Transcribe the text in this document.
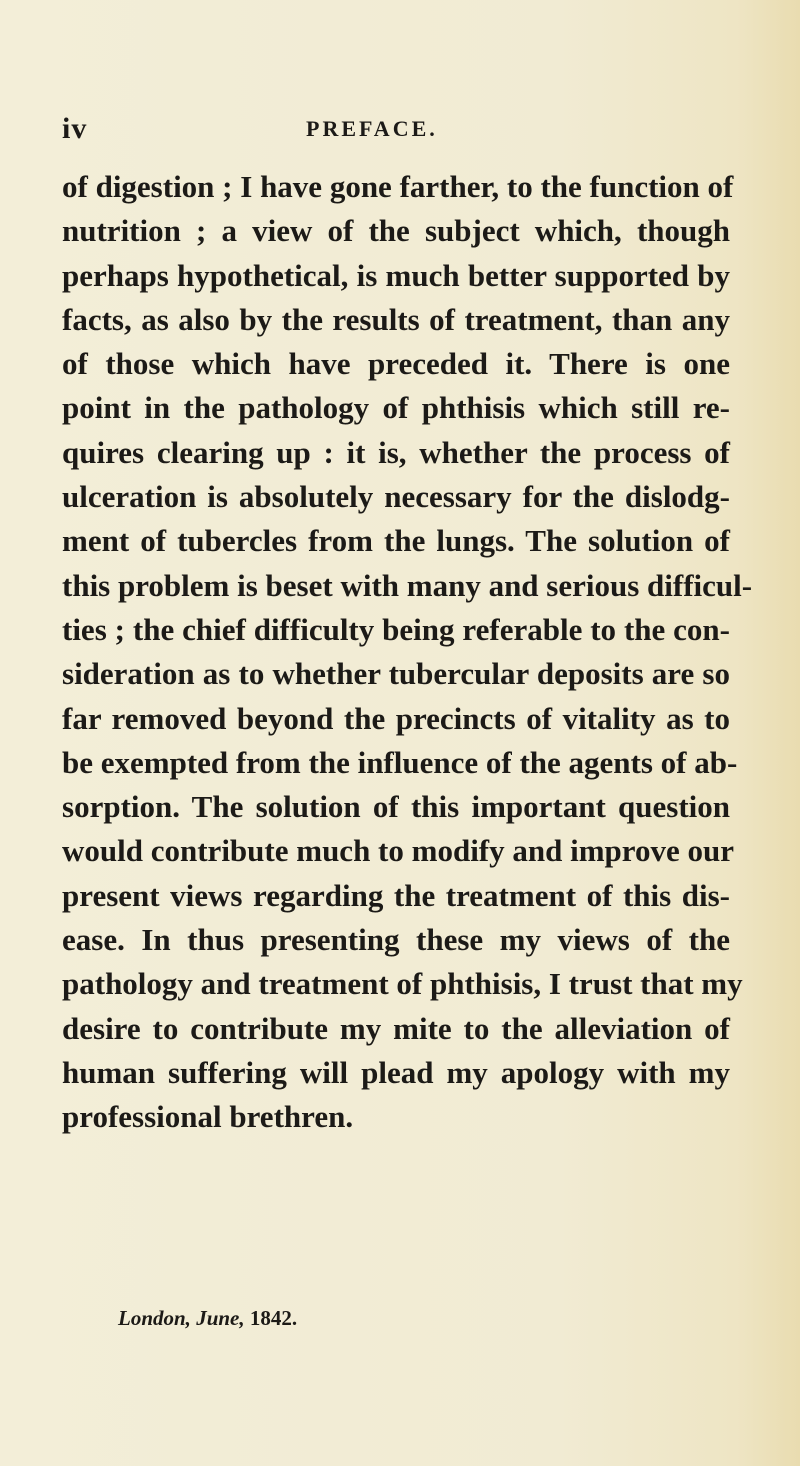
iv	PREFACE.
of digestion ; I have gone farther, to the function of
nutrition ; a view of the subject which, though
perhaps hypothetical, is much better supported by
facts, as also by the results of treatment, than any
of those which have preceded it. There is one
point in the pathology of phthisis which still re-
quires clearing up : it is, whether the process of
ulceration is absolutely necessary for the dislodg-
ment of tubercles from the lungs. The solution of
this problem is beset with many and serious difficul-
ties ; the chief difficulty being referable to the con-
sideration as to whether tubercular deposits are so
far removed beyond the precincts of vitality as to
be exempted from the influence of the agents of ab-
sorption. The solution of this important question
would contribute much to modify and improve our
present views regarding the treatment of this dis-
ease. In thus presenting these my views of the
pathology and treatment of phthisis, I trust that my
desire to contribute my mite to the alleviation of
human suffering will plead my apology with my
professional brethren.
London, June, 1842.
